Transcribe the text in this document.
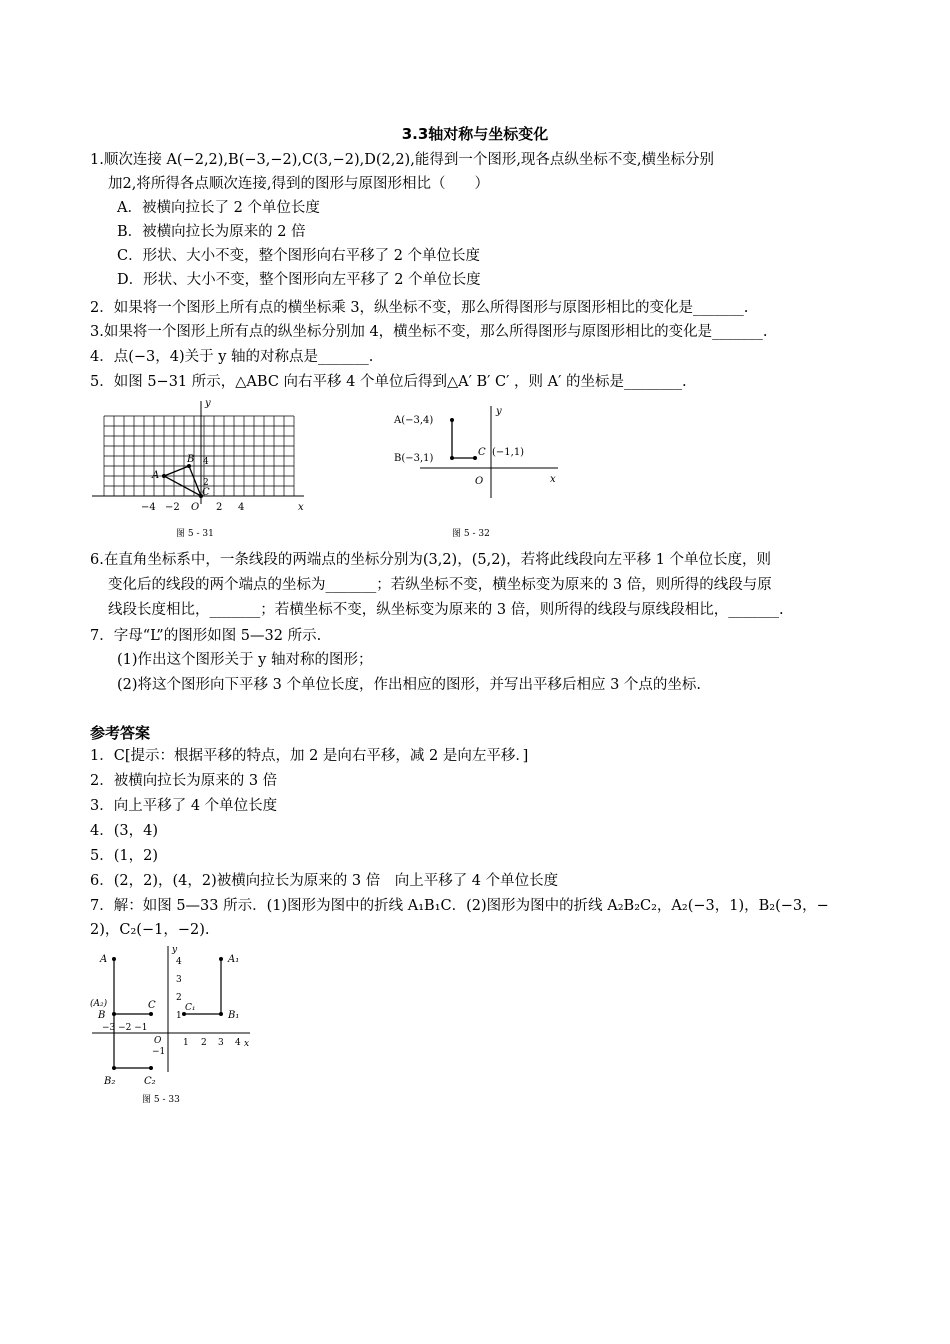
3.3轴对称与坐标变化
1.顺次连接 A(−2,2),B(−3,−2),C(3,−2),D(2,2),能得到一个图形,现各点纵坐标不变,横坐标分别
加2,将所得各点顺次连接,得到的图形与原图形相比（　　）
A．被横向拉长了 2 个单位长度
B．被横向拉长为原来的 2 倍
C．形状、大小不变，整个图形向右平移了 2 个单位长度
D．形状、大小不变，整个图形向左平移了 2 个单位长度
2．如果将一个图形上所有点的横坐标乘 3，纵坐标不变，那么所得图形与原图形相比的变化是_______.
3.如果将一个图形上所有点的纵坐标分别加 4，横坐标不变，那么所得图形与原图形相比的变化是_______.
4．点(−3，4)关于 y 轴的对称点是_______.
5．如图 5−31 所示，△ABC 向右平移 4 个单位后得到△A′ B′ C′ ，则 A′ 的坐标是________.
y
x
O
−4 −2	2 4
4
2
A
B
C
图 5 - 31
y
x
O
A(−3,4)
B(−3,1)
C (−1,1)
图 5 - 32
6.在直角坐标系中，一条线段的两端点的坐标分别为(3,2)，(5,2)，若将此线段向左平移 1 个单位长度，则
变化后的线段的两个端点的坐标为_______；若纵坐标不变，横坐标变为原来的 3 倍，则所得的线段与原
线段长度相比，_______；若横坐标不变，纵坐标变为原来的 3 倍，则所得的线段与原线段相比，_______.
7．字母“L”的图形如图 5—32 所示.
(1)作出这个图形关于 y 轴对称的图形；
(2)将这个图形向下平移 3 个单位长度，作出相应的图形，并写出平移后相应 3 个点的坐标.
参考答案
1．C[提示：根据平移的特点，加 2 是向右平移，减 2 是向左平移．]
2．被横向拉长为原来的 3 倍
3．向上平移了 4 个单位长度
4．(3，4)
5．(1，2)
6．(2，2)，(4，2)被横向拉长为原来的 3 倍　向上平移了 4 个单位长度
7．解：如图 5—33 所示．(1)图形为图中的折线 A₁B₁C．(2)图形为图中的折线 A₂B₂C₂，A₂(−3，1)，B₂(−3，−
2)，C₂(−1，−2).
y
x
O
4
3
2
1
−1
−3 −2 −1
1 2 3 4
A	A₁
(A₂)
B
C	C₁
B₁
B₂	C₂
图 5 - 33
